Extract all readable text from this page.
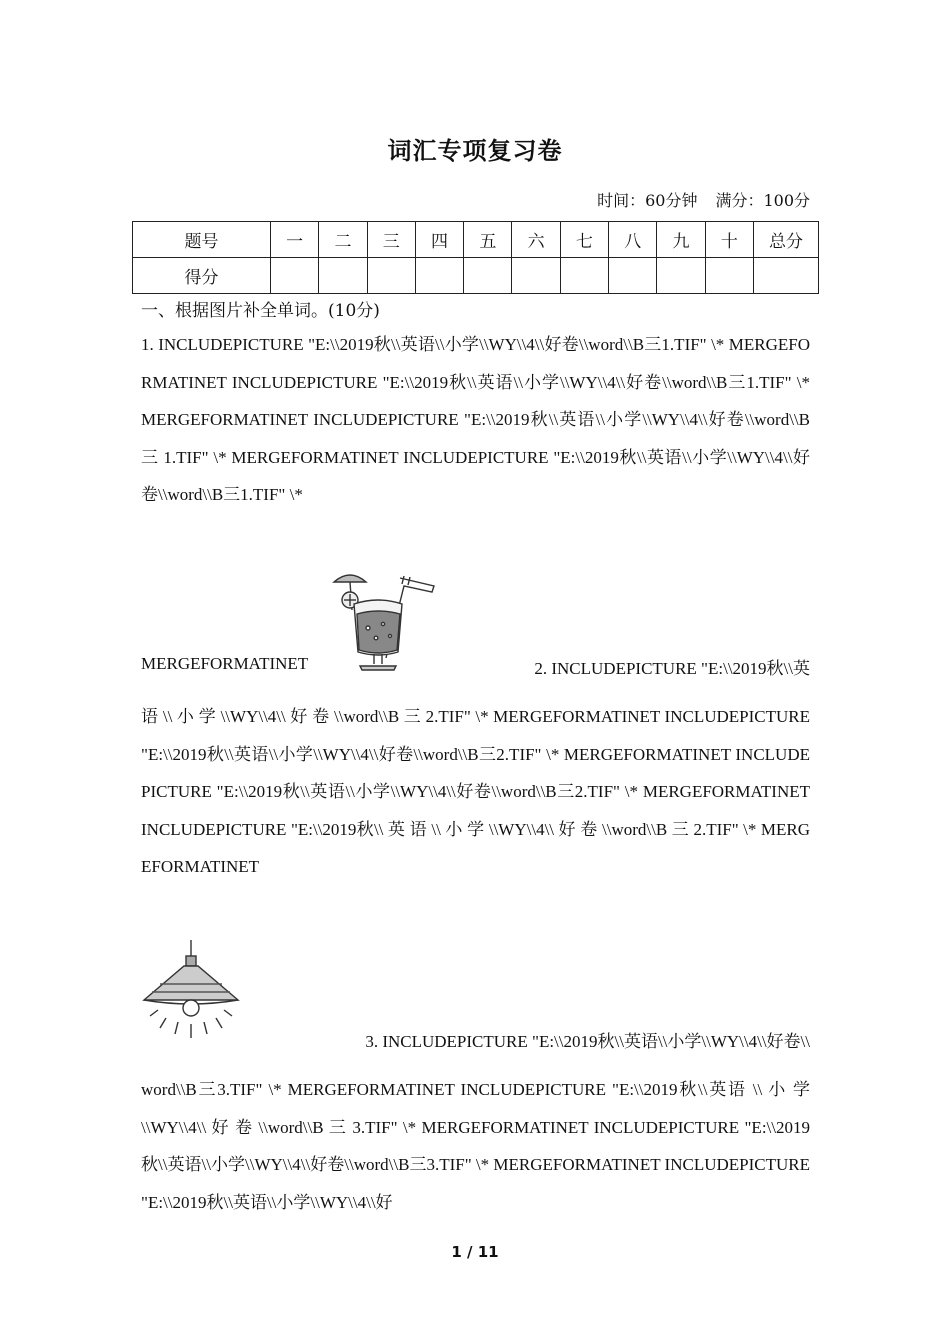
词汇专项复习卷
时间：60分钟 满分：100分
题号	一	二	三	四	五	六	七	八	九	十	总分
得分											
一、根据图片补全单词。(10分)
1. INCLUDEPICTURE "E:\\2019秋\\英语\\小学\\WY\\4\\好卷\\word\\B三1.TIF" \* MERGEFORMATINET INCLUDEPICTURE "E:\\2019秋\\英语\\小学\\WY\\4\\好卷\\word\\B三1.TIF" \* MERGEFORMATINET INCLUDEPICTURE "E:\\2019秋\\英语\\小学\\WY\\4\\好卷\\word\\B 三 1.TIF" \* MERGEFORMATINET INCLUDEPICTURE "E:\\2019秋\\英语\\小学\\WY\\4\\好卷\\word\\B三1.TIF" \*
MERGEFORMATINET	2. INCLUDEPICTURE "E:\\2019秋\\英
语 \\ 小 学 \\WY\\4\\ 好 卷 \\word\\B 三 2.TIF" \* MERGEFORMATINET INCLUDEPICTURE "E:\\2019秋\\英语\\小学\\WY\\4\\好卷\\word\\B三2.TIF" \* MERGEFORMATINET INCLUDEPICTURE "E:\\2019秋\\英语\\小学\\WY\\4\\好卷\\word\\B三2.TIF" \* MERGEFORMATINET INCLUDEPICTURE "E:\\2019秋\\ 英 语 \\ 小 学 \\WY\\4\\ 好 卷 \\word\\B 三 2.TIF" \* MERGEFORMATINET
3. INCLUDEPICTURE "E:\\2019秋\\英语\\小学\\WY\\4\\好卷\\
word\\B三3.TIF" \* MERGEFORMATINET INCLUDEPICTURE "E:\\2019秋\\英语 \\ 小 学 \\WY\\4\\ 好 卷 \\word\\B 三 3.TIF" \* MERGEFORMATINET INCLUDEPICTURE "E:\\2019秋\\英语\\小学\\WY\\4\\好卷\\word\\B三3.TIF" \* MERGEFORMATINET INCLUDEPICTURE "E:\\2019秋\\英语\\小学\\WY\\4\\好
1 / 11
